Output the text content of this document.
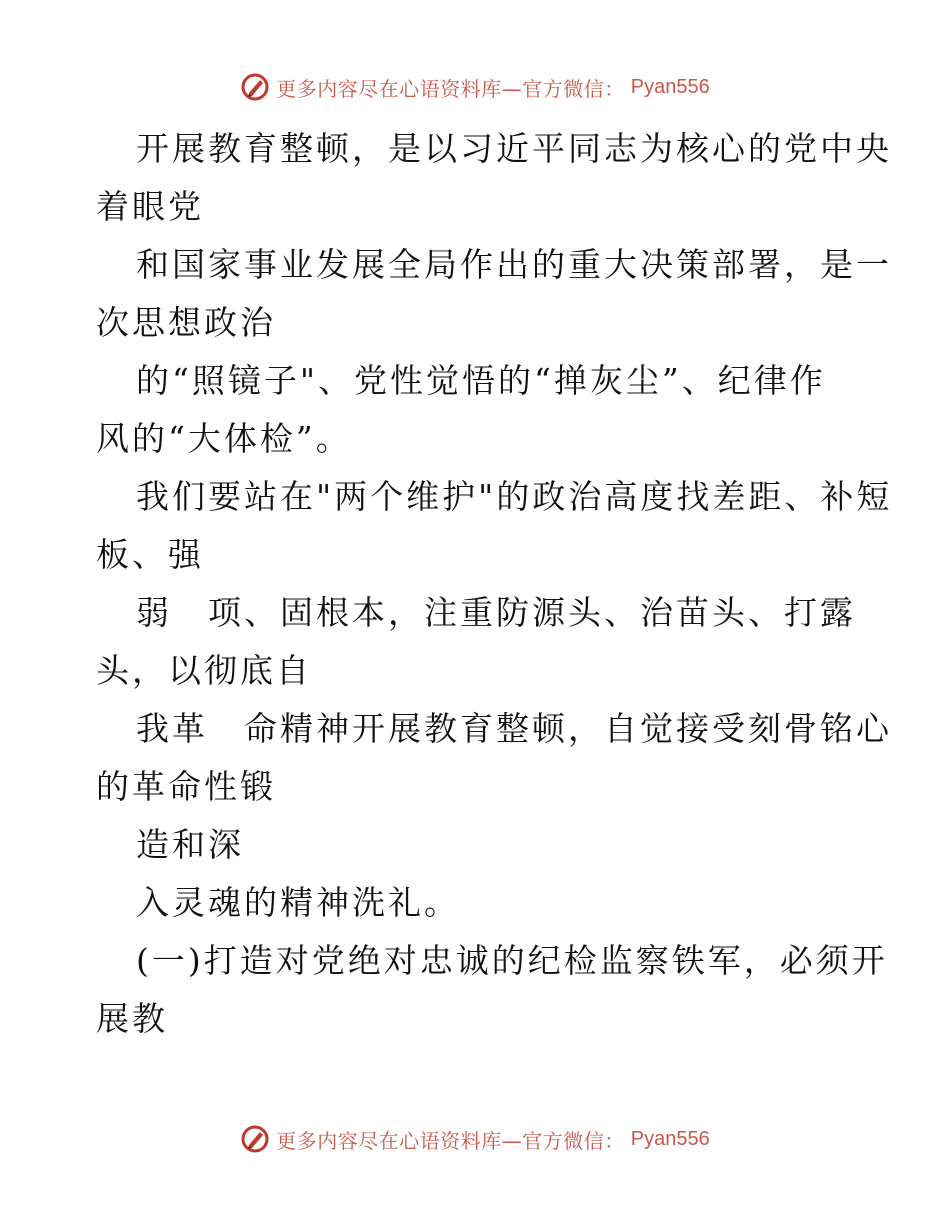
更多内容尽在心语资料库—官方微信： Pyan556
开展教育整顿，是以习近平同志为核心的党中央
着眼党
和国家事业发展全局作出的重大决策部署，是一
次思想政治
的“照镜子"、党性觉悟的“掸灰尘”、纪律作
风的“大体检”。
我们要站在"两个维护"的政治高度找差距、补短
板、强
弱　项、固根本，注重防源头、治苗头、打露
头，以彻底自
我革　命精神开展教育整顿，自觉接受刻骨铭心
的革命性锻
造和深
入灵魂的精神洗礼。
(一)打造对党绝对忠诚的纪检监察铁军，必须开
展教
更多内容尽在心语资料库—官方微信： Pyan556
